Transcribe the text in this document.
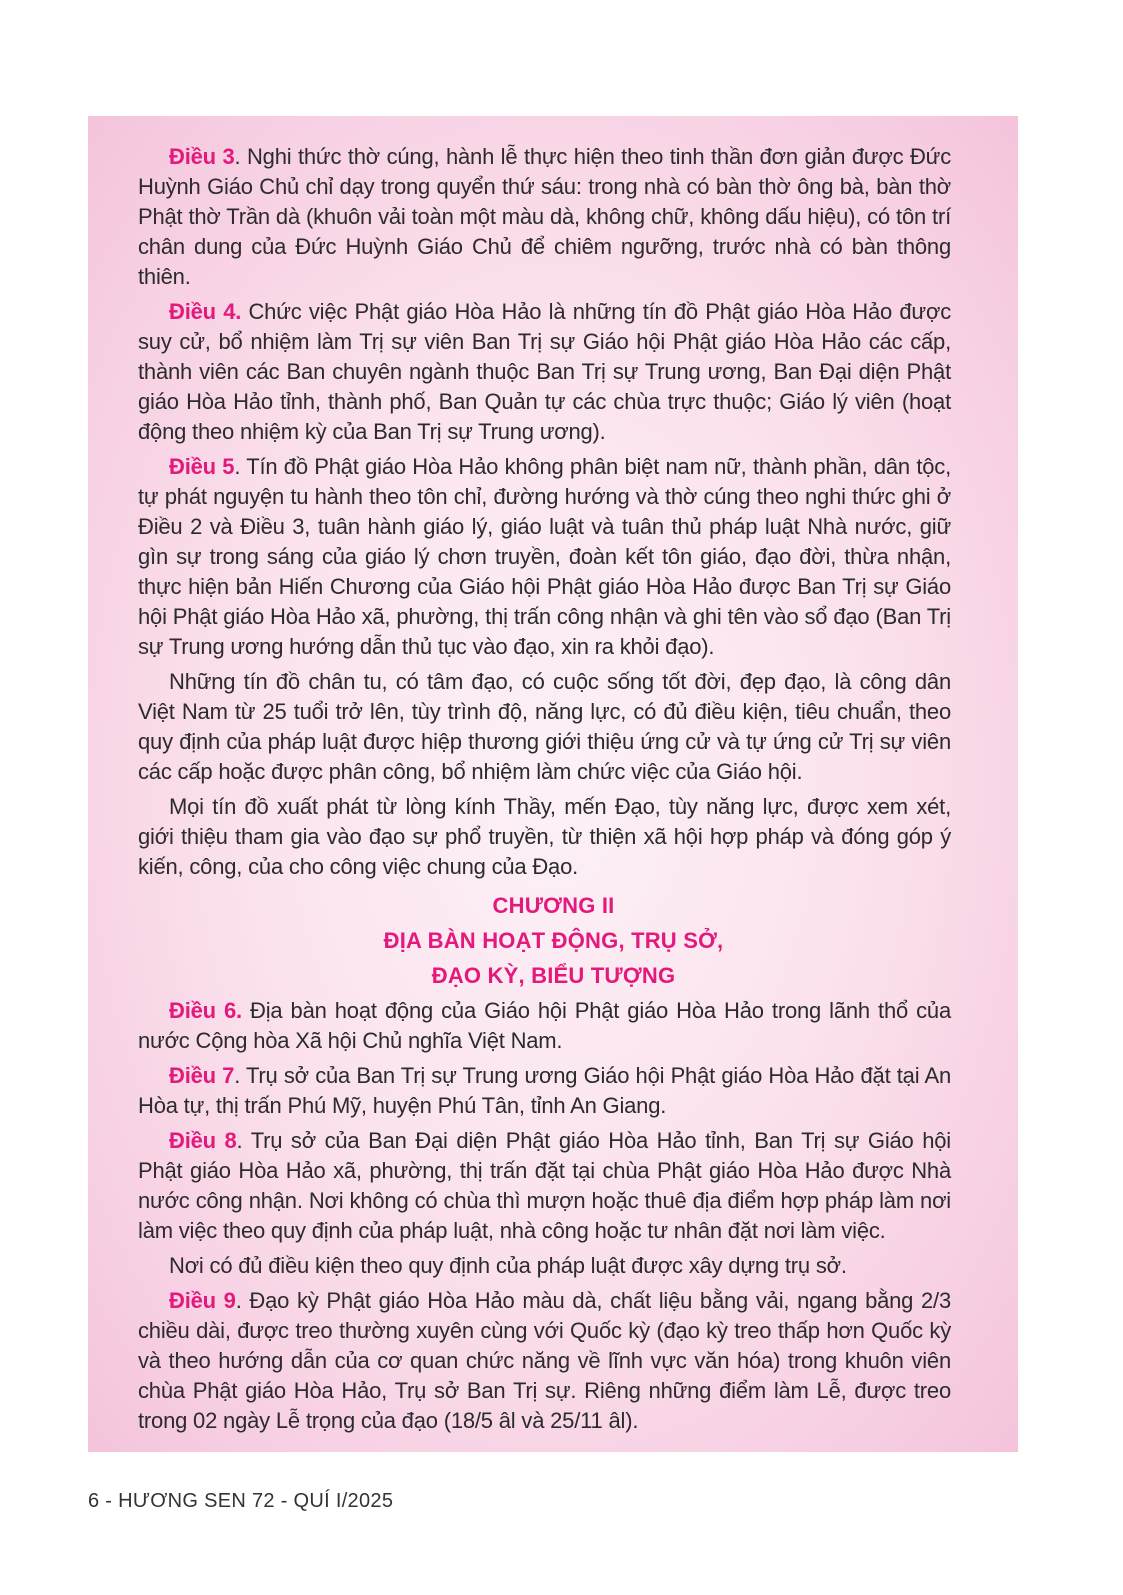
Điều 3. Nghi thức thờ cúng, hành lễ thực hiện theo tinh thần đơn giản được Đức Huỳnh Giáo Chủ chỉ dạy trong quyển thứ sáu: trong nhà có bàn thờ ông bà, bàn thờ Phật thờ Trần dà (khuôn vải toàn một màu dà, không chữ, không dấu hiệu), có tôn trí chân dung của Đức Huỳnh Giáo Chủ để chiêm ngưỡng, trước nhà có bàn thông thiên.

Điều 4. Chức việc Phật giáo Hòa Hảo là những tín đồ Phật giáo Hòa Hảo được suy cử, bổ nhiệm làm Trị sự viên Ban Trị sự Giáo hội Phật giáo Hòa Hảo các cấp, thành viên các Ban chuyên ngành thuộc Ban Trị sự Trung ương, Ban Đại diện Phật giáo Hòa Hảo tỉnh, thành phố, Ban Quản tự các chùa trực thuộc; Giáo lý viên (hoạt động theo nhiệm kỳ của Ban Trị sự Trung ương).

Điều 5. Tín đồ Phật giáo Hòa Hảo không phân biệt nam nữ, thành phần, dân tộc, tự phát nguyện tu hành theo tôn chỉ, đường hướng và thờ cúng theo nghi thức ghi ở Điều 2 và Điều 3, tuân hành giáo lý, giáo luật và tuân thủ pháp luật Nhà nước, giữ gìn sự trong sáng của giáo lý chơn truyền, đoàn kết tôn giáo, đạo đời, thừa nhận, thực hiện bản Hiến Chương của Giáo hội Phật giáo Hòa Hảo được Ban Trị sự Giáo hội Phật giáo Hòa Hảo xã, phường, thị trấn công nhận và ghi tên vào sổ đạo (Ban Trị sự Trung ương hướng dẫn thủ tục vào đạo, xin ra khỏi đạo).

Những tín đồ chân tu, có tâm đạo, có cuộc sống tốt đời, đẹp đạo, là công dân Việt Nam từ 25 tuổi trở lên, tùy trình độ, năng lực, có đủ điều kiện, tiêu chuẩn, theo quy định của pháp luật được hiệp thương giới thiệu ứng cử và tự ứng cử Trị sự viên các cấp hoặc được phân công, bổ nhiệm làm chức việc của Giáo hội.

Mọi tín đồ xuất phát từ lòng kính Thầy, mến Đạo, tùy năng lực, được xem xét, giới thiệu tham gia vào đạo sự phổ truyền, từ thiện xã hội hợp pháp và đóng góp ý kiến, công, của cho công việc chung của Đạo.

CHƯƠNG II
ĐỊA BÀN HOẠT ĐỘNG, TRỤ SỞ,
ĐẠO KỲ, BIỂU TƯỢNG

Điều 6. Địa bàn hoạt động của Giáo hội Phật giáo Hòa Hảo trong lãnh thổ của nước Cộng hòa Xã hội Chủ nghĩa Việt Nam.

Điều 7. Trụ sở của Ban Trị sự Trung ương Giáo hội Phật giáo Hòa Hảo đặt tại An Hòa tự, thị trấn Phú Mỹ, huyện Phú Tân, tỉnh An Giang.

Điều 8. Trụ sở của Ban Đại diện Phật giáo Hòa Hảo tỉnh, Ban Trị sự Giáo hội Phật giáo Hòa Hảo xã, phường, thị trấn đặt tại chùa Phật giáo Hòa Hảo được Nhà nước công nhận. Nơi không có chùa thì mượn hoặc thuê địa điểm hợp pháp làm nơi làm việc theo quy định của pháp luật, nhà công hoặc tư nhân đặt nơi làm việc.

Nơi có đủ điều kiện theo quy định của pháp luật được xây dựng trụ sở.

Điều 9. Đạo kỳ Phật giáo Hòa Hảo màu dà, chất liệu bằng vải, ngang bằng 2/3 chiều dài, được treo thường xuyên cùng với Quốc kỳ (đạo kỳ treo thấp hơn Quốc kỳ và theo hướng dẫn của cơ quan chức năng về lĩnh vực văn hóa) trong khuôn viên chùa Phật giáo Hòa Hảo, Trụ sở Ban Trị sự. Riêng những điểm làm Lễ, được treo trong 02 ngày Lễ trọng của đạo (18/5 âl và 25/11 âl).

6 - HƯƠNG SEN 72 - QUÍ I/2025
